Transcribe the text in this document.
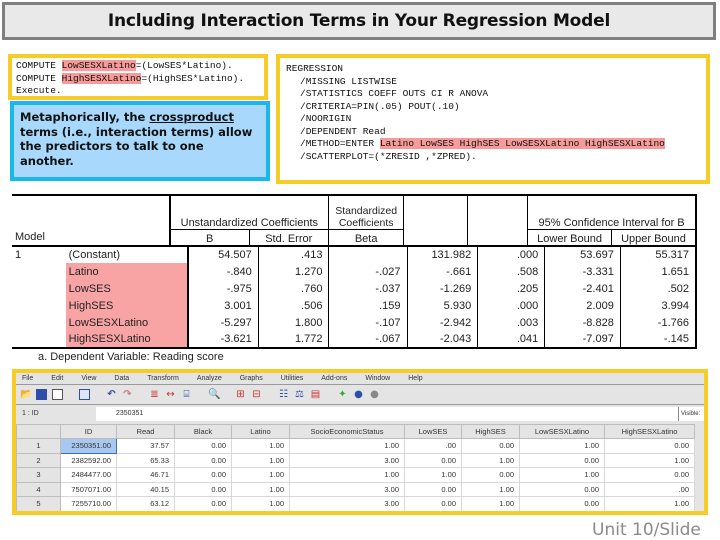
Including Interaction Terms in Your Regression Model
COMPUTE LowSESXLatino=(LowSES*Latino).
COMPUTE HighSESXLatino=(HighSES*Latino).
Execute.
Metaphorically, the crossproduct terms (i.e., interaction terms) allow the predictors to talk to one another.
REGRESSION
/MISSING LISTWISE
/STATISTICS COEFF OUTS CI R ANOVA
/CRITERIA=PIN(.05) POUT(.10)
/NOORIGIN
/DEPENDENT Read
/METHOD=ENTER Latino LowSES HighSES LowSESXLatino HighSESXLatino
/SCATTERPLOT=(*ZRESID ,*ZPRED).
	Unstandardized Coefficients		Standardized Coefficients			95% Confidence Interval for B	
Model	B	Std. Error	Beta			Lower Bound	Upper Bound
1	(Constant)	54.507	.413		131.982	.000	53.697	55.317
	Latino	-.840	1.270	-.027	-.661	.508	-3.331	1.651
	LowSES	-.975	.760	-.037	-1.269	.205	-2.401	.502
	HighSES	3.001	.506	.159	5.930	.000	2.009	3.994
	LowSESXLatino	-5.297	1.800	-.107	-2.942	.003	-8.828	-1.766
	HighSESXLatino	-3.621	1.772	-.067	-2.043	.041	-7.097	-.145
a. Dependent Variable: Reading score
File	Edit	View	Data	Transform	Analyze	Graphs	Utilities	Add-ons	Window	Help
📂	↶ ↷ ≣ ↔ ⌸ 🔍 ⊞ ⊟ ☷ ⚖ ▤ ✦ ● ●
1 : ID	2350351	Visible:
	ID	Read	Black	Latino	SocioEconomicStatus	LowSES	HighSES	LowSESXLatino	HighSESXLatino
1	2350351.00	37.57	0.00	1.00	1.00	.00	0.00	1.00	0.00
2	2382592.00	65.33	0.00	1.00	3.00	0.00	1.00	0.00	1.00
3	2484477.00	46.71	0.00	1.00	1.00	1.00	0.00	1.00	0.00
4	7507071.00	40.15	0.00	1.00	3.00	0.00	1.00	0.00	.00
5	7255710.00	63.12	0.00	1.00	3.00	0.00	1.00	0.00	1.00
Unit 10/Slide
